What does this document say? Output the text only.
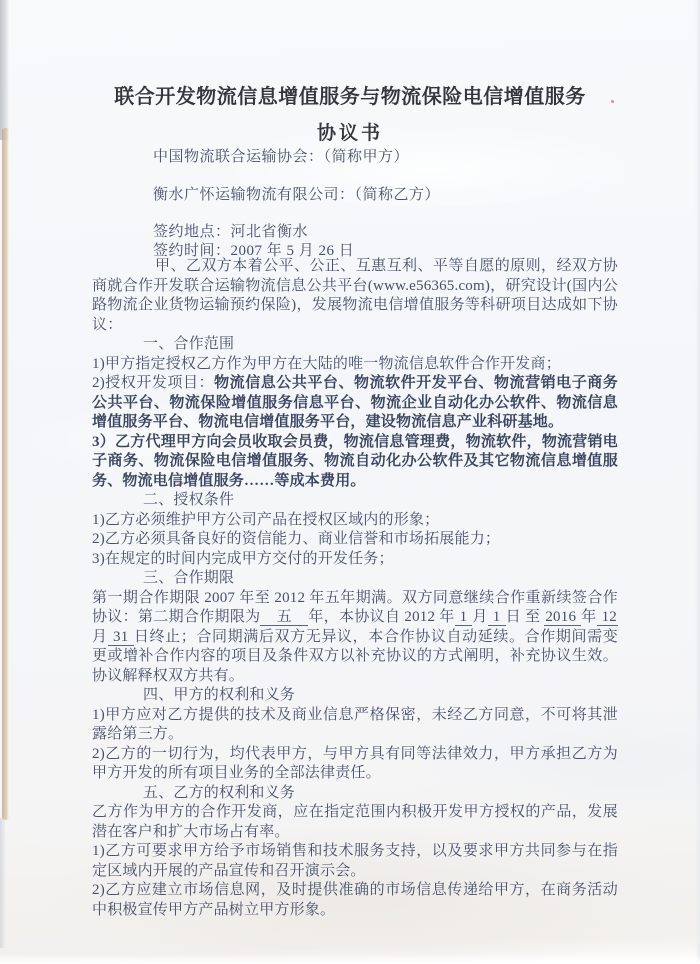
联合开发物流信息增值服务与物流保险电信增值服务
协议书

中国物流联合运输协会：（简称甲方）

衡水广怀运输物流有限公司：（简称乙方）

签约地点：河北省衡水

签约时间：2007 年 5 月 26 日

甲、乙双方本着公平、公正、互惠互利、平等自愿的原则，经双方协商就合作开发联合运输物流信息公共平台(www.e56365.com)，研究设计(国内公路物流企业货物运输预约保险)，发展物流电信增值服务等科研项目达成如下协议：

一、合作范围

1)甲方指定授权乙方作为甲方在大陆的唯一物流信息软件合作开发商；

2)授权开发项目：物流信息公共平台、物流软件开发平台、物流营销电子商务公共平台、物流保险增值服务信息平台、物流企业自动化办公软件、物流信息增值服务平台、物流电信增值服务平台，建设物流信息产业科研基地。

3）乙方代理甲方向会员收取会员费，物流信息管理费，物流软件，物流营销电子商务、物流保险电信增值服务、物流自动化办公软件及其它物流信息增值服务、物流电信增值服务……等成本费用。

二、授权条件

1)乙方必须维护甲方公司产品在授权区域内的形象；

2)乙方必须具备良好的资信能力、商业信誉和市场拓展能力；

3)在规定的时间内完成甲方交付的开发任务；

三、合作期限

第一期合作期限 2007 年至 2012 年五年期满。双方同意继续合作重新续签合作协议：第二期合作期限为　五　年，本协议自 2012 年 1 月 1 日 至 2016 年 12 月 31 日终止；合同期满后双方无异议，本合作协议自动延续。合作期间需变更或增补合作内容的项目及条件双方以补充协议的方式阐明，补充协议生效。协议解释权双方共有。

四、甲方的权利和义务

1)甲方应对乙方提供的技术及商业信息严格保密，未经乙方同意，不可将其泄露给第三方。

2)乙方的一切行为，均代表甲方，与甲方具有同等法律效力，甲方承担乙方为甲方开发的所有项目业务的全部法律责任。

五、乙方的权利和义务

乙方作为甲方的合作开发商，应在指定范围内积极开发甲方授权的产品，发展潜在客户和扩大市场占有率。

1)乙方可要求甲方给予市场销售和技术服务支持，以及要求甲方共同参与在指定区域内开展的产品宣传和召开演示会。

2)乙方应建立市场信息网，及时提供准确的市场信息传递给甲方，在商务活动中积极宣传甲方产品树立甲方形象。
